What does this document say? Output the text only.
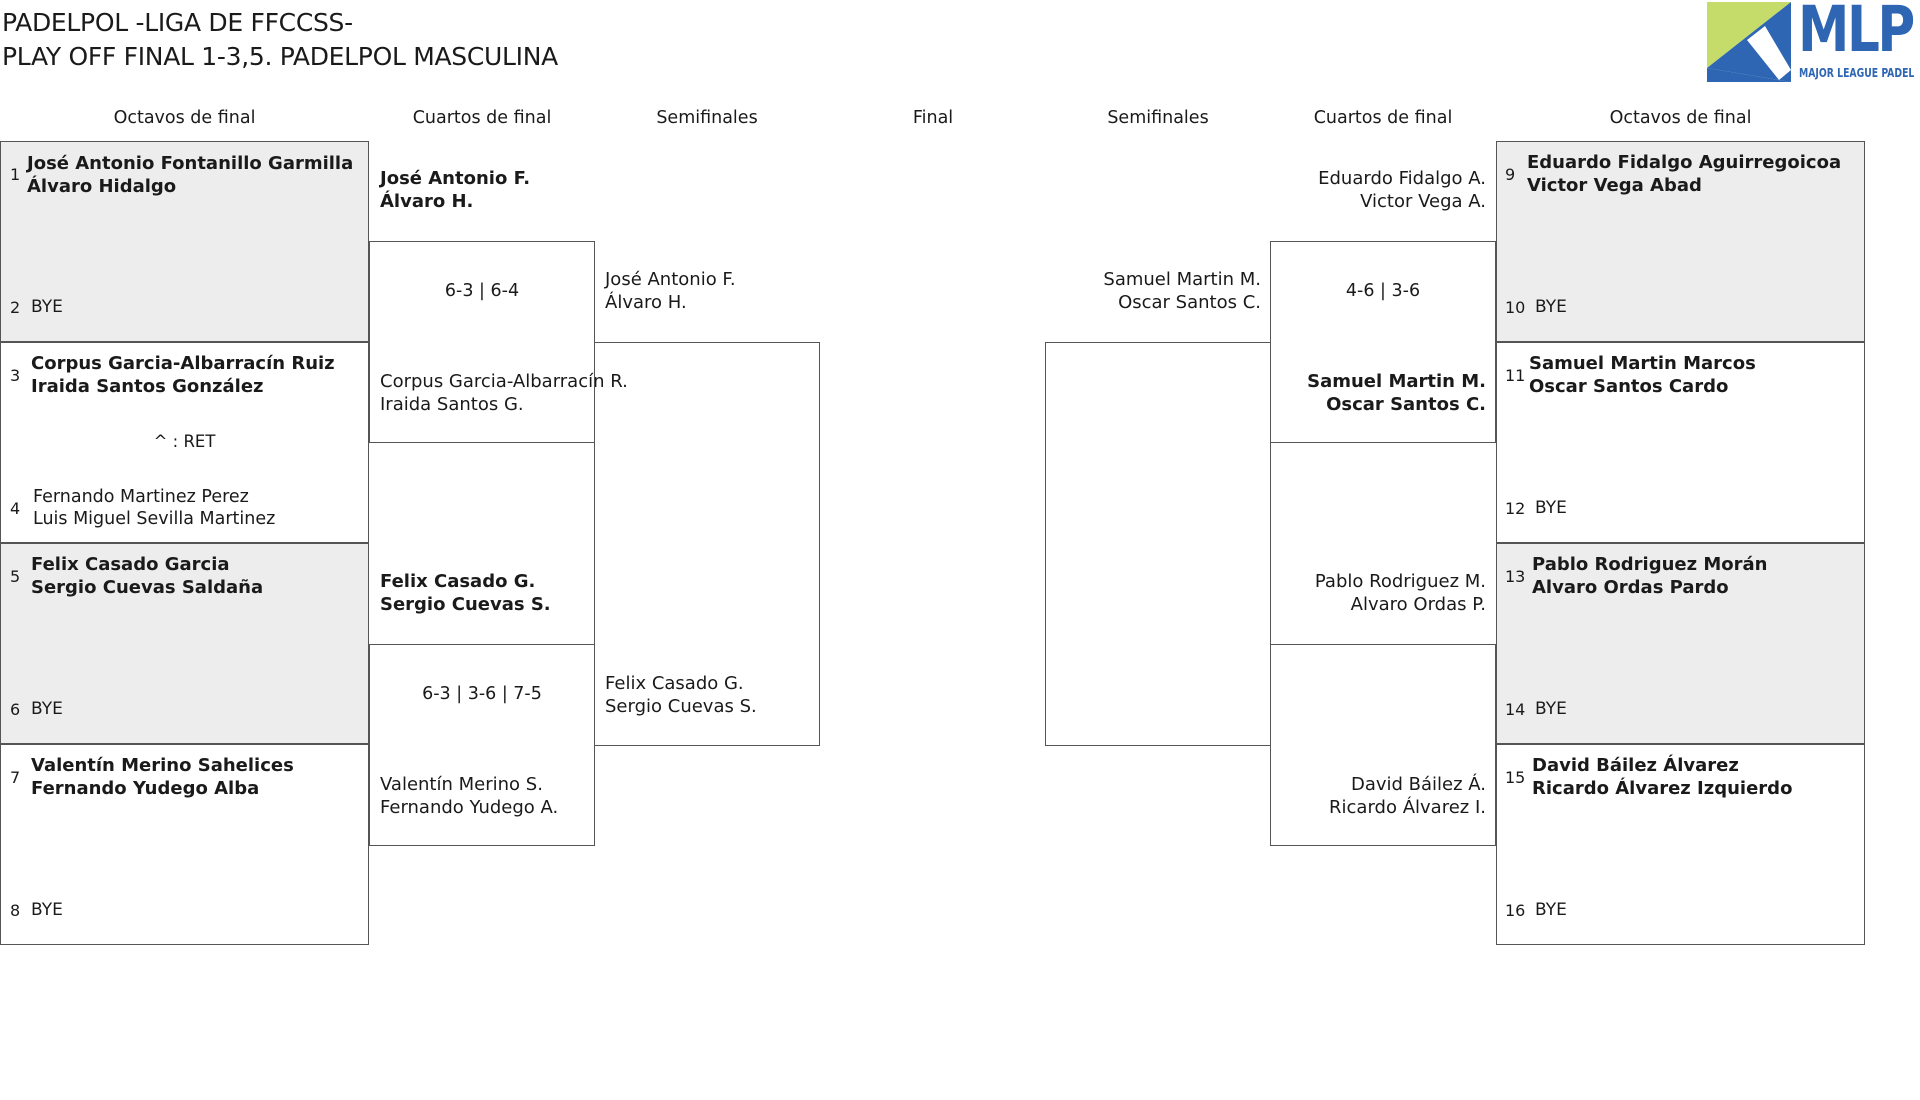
PADELPOL -LIGA DE FFCCSS-
PLAY OFF FINAL 1-3,5. PADELPOL MASCULINA	MLP
MAJOR LEAGUE PADEL
Octavos de final	Cuartos de final	Semifinales	Final	Semifinales	Cuartos de final	Octavos de final
1
José Antonio Fontanillo Garmilla
Álvaro Hidalgo
2 BYE
3
Corpus Garcia-Albarracín Ruiz
Iraida Santos González
^ : RET
4
Fernando Martinez Perez
Luis Miguel Sevilla Martinez
5
Felix Casado Garcia
Sergio Cuevas Saldaña
6 BYE
7
Valentín Merino Sahelices
Fernando Yudego Alba
8 BYE
José Antonio F.
Álvaro H.
6-3 | 6-4
Corpus Garcia-Albarracín R.
Iraida Santos G.
Felix Casado G.
Sergio Cuevas S.
6-3 | 3-6 | 7-5
Valentín Merino S.
Fernando Yudego A.
José Antonio F.
Álvaro H.
Felix Casado G.
Sergio Cuevas S.
Samuel Martin M.
Oscar Santos C.
Eduardo Fidalgo A.
Victor Vega A.
4-6 | 3-6
Samuel Martin M.
Oscar Santos C.
Pablo Rodriguez M.
Alvaro Ordas P.
David Báilez Á.
Ricardo Álvarez I.
9
Eduardo Fidalgo Aguirregoicoa
Victor Vega Abad
10 BYE
11
Samuel Martin Marcos
Oscar Santos Cardo
12 BYE
13
Pablo Rodriguez Morán
Alvaro Ordas Pardo
14 BYE
15
David Báilez Álvarez
Ricardo Álvarez Izquierdo
16 BYE
